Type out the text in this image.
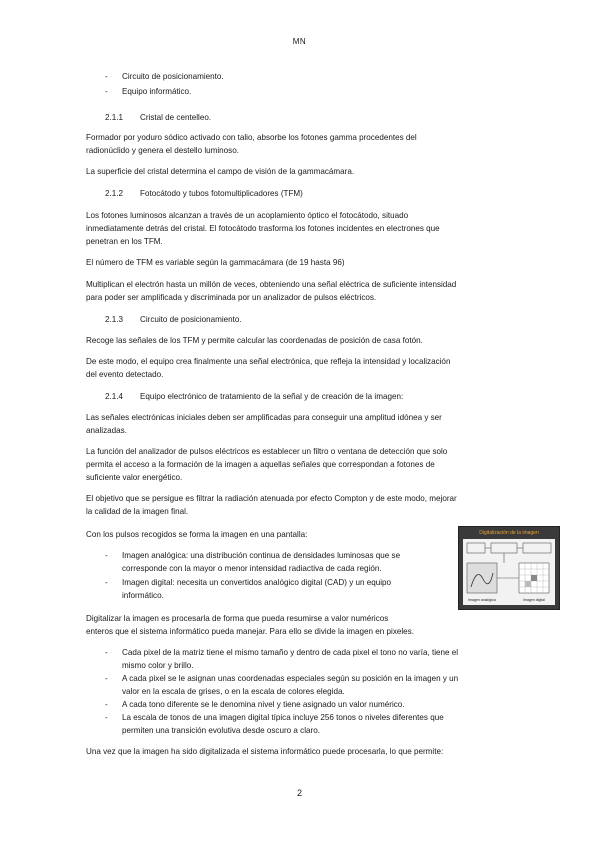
MN
- Circuito de posicionamiento.
- Equipo informático.
2.1.1 Cristal de centelleo.
Formador por yoduro sódico activado con talio, absorbe los fotones gamma procedentes del
radionúclido y genera el destello luminoso.
La superficie del cristal determina el campo de visión de la gammacámara.
2.1.2 Fotocátodo y tubos fotomultiplicadores (TFM)
Los fotones luminosos alcanzan a través de un acoplamiento óptico el fotocátodo, situado
inmediatamente detrás del cristal. El fotocátodo trasforma los fotones incidentes en electrones que
penetran en los TFM.
El número de TFM es variable según la gammacámara (de 19 hasta 96)
Multiplican el electrón hasta un millón de veces, obteniendo una señal eléctrica de suficiente intensidad
para poder ser amplificada y discriminada por un analizador de pulsos eléctricos.
2.1.3 Circuito de posicionamiento.
Recoge las señales de los TFM y permite calcular las coordenadas de posición de casa fotón.
De este modo, el equipo crea finalmente una señal electrónica, que refleja la intensidad y localización
del evento detectado.
2.1.4 Equipo electrónico de tratamiento de la señal y de creación de la imagen:
Las señales electrónicas iniciales deben ser amplificadas para conseguir una amplitud idónea y ser
analizadas.
La función del analizador de pulsos eléctricos es establecer un filtro o ventana de detección que solo
permita el acceso a la formación de la imagen a aquellas señales que correspondan a fotones de
suficiente valor energético.
El objetivo que se persigue es filtrar la radiación atenuada por efecto Compton y de este modo, mejorar
la calidad de la imagen final.
Con los pulsos recogidos se forma la imagen en una pantalla:
- Imagen analógica: una distribución continua de densidades luminosas que se
corresponde con la mayor o menor intensidad radiactiva de cada región.
- Imagen digital: necesita un convertidos analógico digital (CAD) y un equipo
informático.
Digitalización de la imagen
Imagen analógica	Imagen digital
Digitalizar la imagen es procesarla de forma que pueda resumirse a valor numéricos
enteros que el sistema informático pueda manejar. Para ello se divide la imagen en pixeles.
- Cada pixel de la matriz tiene el mismo tamaño y dentro de cada pixel el tono no varía, tiene el
mismo color y brillo.
- A cada pixel se le asignan unas coordenadas especiales según su posición en la imagen y un
valor en la escala de grises, o en la escala de colores elegida.
- A cada tono diferente se le denomina nivel y tiene asignado un valor numérico.
- La escala de tonos de una imagen digital típica incluye 256 tonos o niveles diferentes que
permiten una transición evolutiva desde oscuro a claro.
Una vez que la imagen ha sido digitalizada el sistema informático puede procesarla, lo que permite:
2
